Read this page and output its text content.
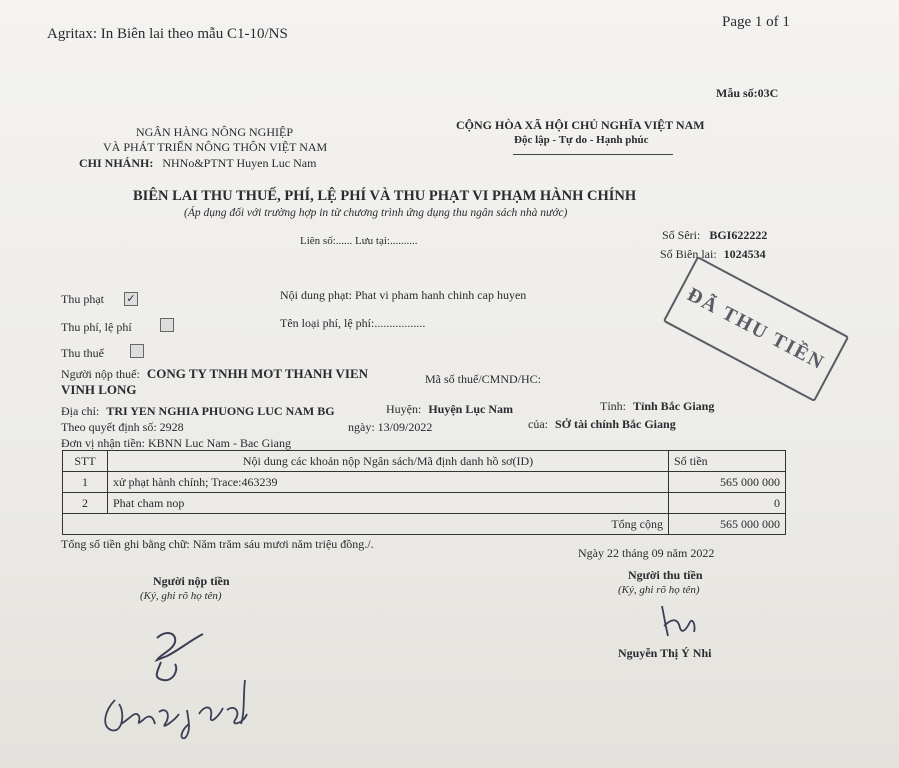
Agritax: In Biên lai theo mẫu C1-10/NS
Page 1 of 1
Mẫu số:03C
NGÂN HÀNG NÔNG NGHIỆP
VÀ PHÁT TRIỂN NÔNG THÔN VIỆT NAM
CHI NHÁNH: NHNo&PTNT Huyen Luc Nam
CỘNG HÒA XÃ HỘI CHỦ NGHĨA VIỆT NAM
Độc lập - Tự do - Hạnh phúc
BIÊN LAI THU THUẾ, PHÍ, LỆ PHÍ VÀ THU PHẠT VI PHẠM HÀNH CHÍNH
(Áp dụng đối với trường hợp in từ chương trình ứng dụng thu ngân sách nhà nước)
Liên số:...... Lưu tại:..........	Số Sêri: BGI622222
Số Biên lai: 1024534
Thu phạt ✓
Thu phí, lệ phí
Thu thuế
Nội dung phạt: Phat vi pham hanh chinh cap huyen
Tên loại phí, lệ phí:.................	ĐÃ THU TIỀN
Người nộp thuế: CONG TY TNHH MOT THANH VIEN
VINH LONG
Mã số thuế/CMND/HC:
Địa chỉ: TRI YEN NGHIA PHUONG LUC NAM BG	Huyện: Huyện Lục Nam	Tỉnh: Tỉnh Bắc Giang
Theo quyết định số: 2928	ngày: 13/09/2022	của: SỞ tài chính Bắc Giang
Đơn vị nhận tiền: KBNN Luc Nam - Bac Giang
STT	Nội dung các khoản nộp Ngân sách/Mã định danh hồ sơ(ID)	Số tiền
1	xử phạt hành chính; Trace:463239	565 000 000
2	Phat cham nop	0
	Tổng cộng	565 000 000
Tổng số tiền ghi bằng chữ: Năm trăm sáu mươi năm triệu đồng./.
Ngày 22 tháng 09 năm 2022
Người nộp tiền
(Ký, ghi rõ họ tên)
Người thu tiền
(Ký, ghi rõ họ tên)
Nguyễn Thị Ý Nhi
